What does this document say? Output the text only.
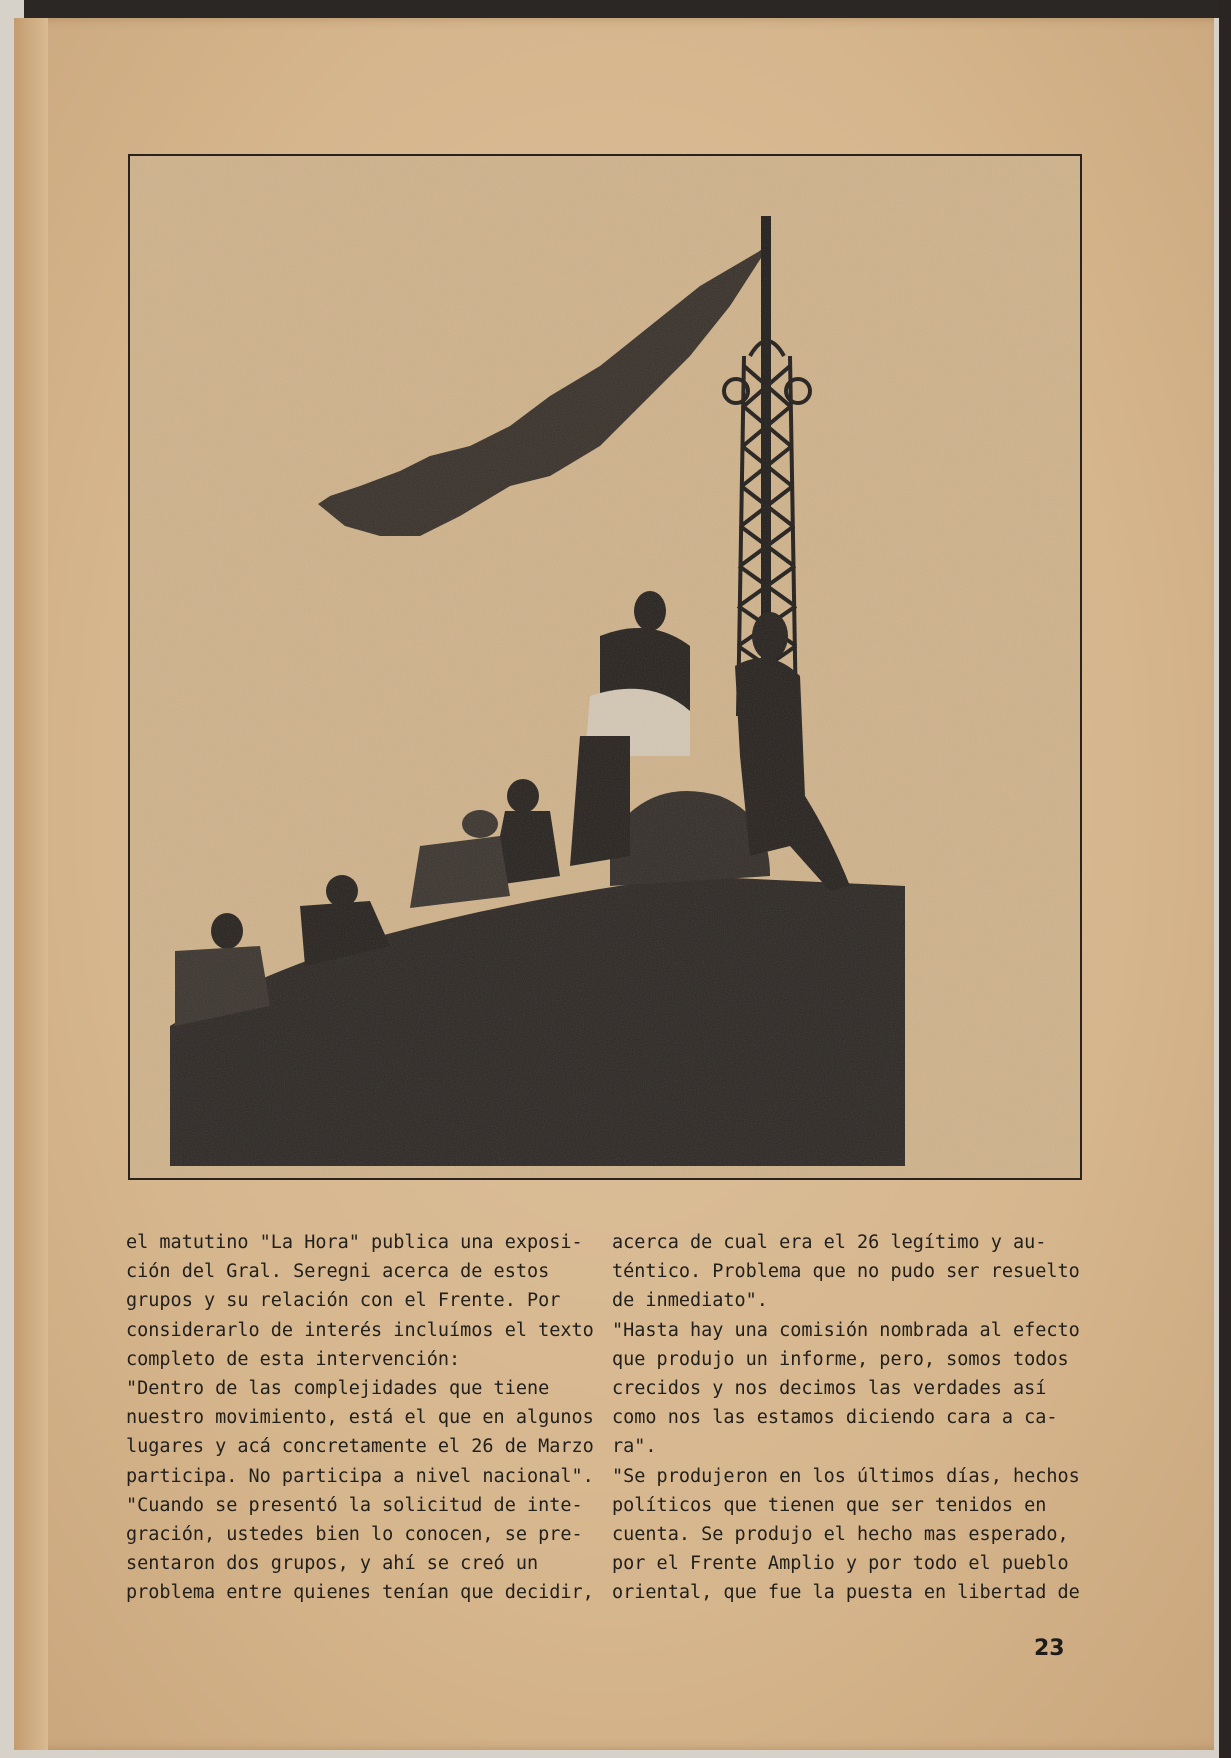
el matutino "La Hora" publica una exposi-

ción del Gral. Seregni acerca de estos

grupos y su relación con el Frente. Por

considerarlo de interés incluímos el texto

completo de esta intervención:

"Dentro de las complejidades que tiene

nuestro movimiento, está el que en algunos

lugares y acá concretamente el 26 de Marzo

participa. No participa a nivel nacional".

"Cuando se presentó la solicitud de inte-

gración, ustedes bien lo conocen, se pre-

sentaron dos grupos, y ahí se creó un

problema entre quienes tenían que decidir,

acerca de cual era el 26 legítimo y au-

téntico. Problema que no pudo ser resuelto

de inmediato".

"Hasta hay una comisión nombrada al efecto

que produjo un informe, pero, somos todos

crecidos y nos decimos las verdades así

como nos las estamos diciendo cara a ca-

ra".

"Se produjeron en los últimos días, hechos

políticos que tienen que ser tenidos en

cuenta. Se produjo el hecho mas esperado,

por el Frente Amplio y por todo el pueblo

oriental, que fue la puesta en libertad de

23
